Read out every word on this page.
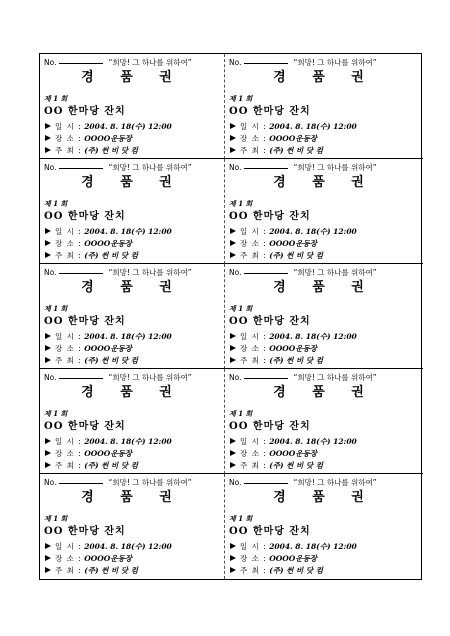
No.	“희망! 그 하나를 위하여”
경 품 권
제 1 회
OO 한마당 잔치
일 시 : 2004. 8. 18(수) 12:00
장 소 : OOOO운동장
주 최 : (주) 썬 비 닷 컴
No.	“희망! 그 하나를 위하여”
경 품 권
제 1 회
OO 한마당 잔치
일 시 : 2004. 8. 18(수) 12:00
장 소 : OOOO운동장
주 최 : (주) 썬 비 닷 컴
No.	“희망! 그 하나를 위하여”
경 품 권
제 1 회
OO 한마당 잔치
일 시 : 2004. 8. 18(수) 12:00
장 소 : OOOO운동장
주 최 : (주) 썬 비 닷 컴
No.	“희망! 그 하나를 위하여”
경 품 권
제 1 회
OO 한마당 잔치
일 시 : 2004. 8. 18(수) 12:00
장 소 : OOOO운동장
주 최 : (주) 썬 비 닷 컴
No.	“희망! 그 하나를 위하여”
경 품 권
제 1 회
OO 한마당 잔치
일 시 : 2004. 8. 18(수) 12:00
장 소 : OOOO운동장
주 최 : (주) 썬 비 닷 컴
No.	“희망! 그 하나를 위하여”
경 품 권
제 1 회
OO 한마당 잔치
일 시 : 2004. 8. 18(수) 12:00
장 소 : OOOO운동장
주 최 : (주) 썬 비 닷 컴
No.	“희망! 그 하나를 위하여”
경 품 권
제 1 회
OO 한마당 잔치
일 시 : 2004. 8. 18(수) 12:00
장 소 : OOOO운동장
주 최 : (주) 썬 비 닷 컴
No.	“희망! 그 하나를 위하여”
경 품 권
제 1 회
OO 한마당 잔치
일 시 : 2004. 8. 18(수) 12:00
장 소 : OOOO운동장
주 최 : (주) 썬 비 닷 컴
No.	“희망! 그 하나를 위하여”
경 품 권
제 1 회
OO 한마당 잔치
일 시 : 2004. 8. 18(수) 12:00
장 소 : OOOO운동장
주 최 : (주) 썬 비 닷 컴
No.	“희망! 그 하나를 위하여”
경 품 권
제 1 회
OO 한마당 잔치
일 시 : 2004. 8. 18(수) 12:00
장 소 : OOOO운동장
주 최 : (주) 썬 비 닷 컴
